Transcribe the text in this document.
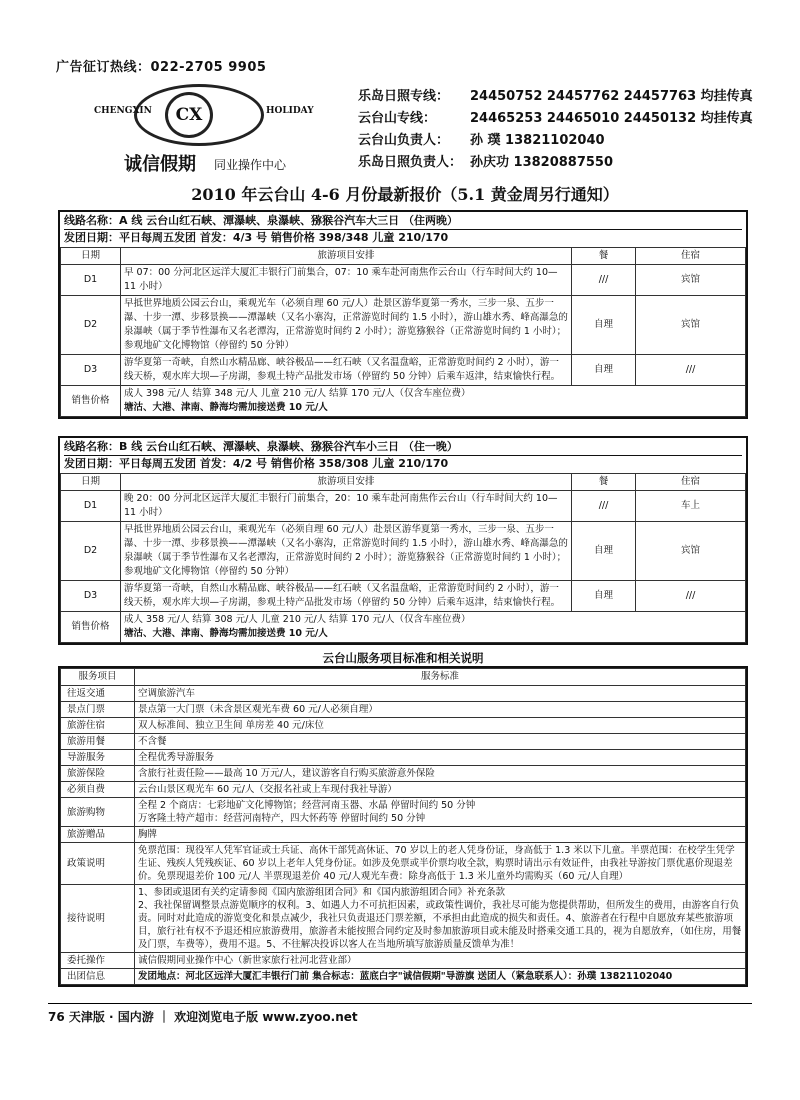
广告征订热线：022-2705 9905
CX
CHENGXIN	HOLIDAY
诚信假期 同业操作中心
乐岛日照专线： 24450752 24457762 24457763 均挂传真
云台山专线：	24465253 24465010 24450132 均挂传真
云台山负责人： 孙 璞 13821102040
乐岛日照负责人： 孙庆功 13820887550
2010 年云台山 4-6 月份最新报价（5.1 黄金周另行通知）
线路名称：A 线 云台山红石峡、潭瀑峡、泉瀑峡、猕猴谷汽车大三日 （住两晚）
发团日期：平日每周五发团 首发：4/3 号 销售价格 398/348 儿童 210/170
日期	旅游项目安排	餐	住宿
D1	早 07：00 分河北区远洋大厦汇丰银行门前集合，07：10 乘车赴河南焦作云台山（行车时间大约 10—11 小时）	///	宾馆
D2	早抵世界地质公园云台山，乘观光车（必须自理 60 元/人）赴景区游华夏第一秀水，三步一泉、五步一瀑、十步一潭、步移景换——潭瀑峡（又名小寨沟，正常游览时间约 1.5 小时），游山雄水秀、峰高瀑急的泉瀑峡（属于季节性瀑布又名老潭沟，正常游览时间约 2 小时）；游览猕猴谷（正常游览时间约 1 小时）；参观地矿文化博物馆（停留约 50 分钟）	自理	宾馆
D3	游华夏第一奇峡，自然山水精品廊、峡谷极品——红石峡（又名温盘峪，正常游览时间约 2 小时），游一线天桥，观水库大坝—子房湖，参观土特产品批发市场（停留约 50 分钟）后乘车返津，结束愉快行程。	自理	///
销售价格	成人 398 元/人 结算 348 元/人 儿童 210 元/人 结算 170 元/人（仅含车座位费）
塘沽、大港、津南、静海均需加接送费 10 元/人		
线路名称：B 线 云台山红石峡、潭瀑峡、泉瀑峡、猕猴谷汽车小三日 （住一晚）
发团日期：平日每周五发团 首发：4/2 号 销售价格 358/308 儿童 210/170
日期	旅游项目安排	餐	住宿
D1	晚 20：00 分河北区远洋大厦汇丰银行门前集合，20：10 乘车赴河南焦作云台山（行车时间大约 10—11 小时）	///	车上
D2	早抵世界地质公园云台山，乘观光车（必须自理 60 元/人）赴景区游华夏第一秀水，三步一泉、五步一瀑、十步一潭、步移景换——潭瀑峡（又名小寨沟，正常游览时间约 1.5 小时），游山雄水秀、峰高瀑急的泉瀑峡（属于季节性瀑布又名老潭沟，正常游览时间约 2 小时）；游览猕猴谷（正常游览时间约 1 小时）；参观地矿文化博物馆（停留约 50 分钟）	自理	宾馆
D3	游华夏第一奇峡，自然山水精品廊、峡谷极品——红石峡（又名温盘峪，正常游览时间约 2 小时），游一线天桥，观水库大坝—子房湖，参观土特产品批发市场（停留约 50 分钟）后乘车返津，结束愉快行程。	自理	///
销售价格	成人 358 元/人 结算 308 元/人 儿童 210 元/人 结算 170 元/人（仅含车座位费）
塘沽、大港、津南、静海均需加接送费 10 元/人		
云台山服务项目标准和相关说明
服务项目	服务标准
往返交通	空调旅游汽车
景点门票	景点第一大门票（未含景区观光车费 60 元/人必须自理）
旅游住宿	双人标准间、独立卫生间 单房差 40 元/床位
旅游用餐	不含餐
导游服务	全程优秀导游服务
旅游保险	含旅行社责任险——最高 10 万元/人，建议游客自行购买旅游意外保险
必须自费	云台山景区观光车 60 元/人（交报名社或上车现付我社导游）
旅游购物	全程 2 个商店：七彩地矿文化博物馆；经营河南玉器、水晶 停留时间约 50 分钟
万客隆土特产超市：经营河南特产，四大怀药等 停留时间约 50 分钟
旅游赠品	胸牌
政策说明	免票范围：现役军人凭军官证或士兵证、高休干部凭高休证、70 岁以上的老人凭身份证，身高低于 1.3 米以下儿童。半票范围：在校学生凭学生证、残疾人凭残疾证、60 岁以上老年人凭身份证。如涉及免票或半价票均收全款，购票时请出示有效证件，由我社导游按门票优惠价现退差价。免票现退差价 100 元/人 半票现退差价 40 元/人观光车费：除身高低于 1.3 米儿童外均需购买（60 元/人自理）
接待说明	1、参团或退团有关约定请参阅《国内旅游组团合同》和《国内旅游组团合同》补充条款
2、我社保留调整景点游览顺序的权利。3、如遇人力不可抗拒因素，或政策性调价，我社尽可能为您提供帮助，但所发生的费用，由游客自行负责。同时对此造成的游览变化和景点减少，我社只负责退还门票差额，不承担由此造成的损失和责任。4、旅游者在行程中自愿放弃某些旅游项目，旅行社有权不予退还相应旅游费用，旅游者未能按照合同约定及时参加旅游项目或未能及时搭乘交通工具的，视为自愿放弃，（如住房，用餐及门票，车费等），费用不退。5、不往解决投诉以客人在当地所填写旅游质量反馈单为准！
委托操作	诚信假期同业操作中心（新世家旅行社河北营业部）
出团信息	发团地点：河北区远洋大厦汇丰银行门前 集合标志：蓝底白字"诚信假期"导游旗 送团人（紧急联系人）：孙璞 13821102040
76 天津版 · 国内游 ｜ 欢迎浏览电子版 www.zyoo.net
